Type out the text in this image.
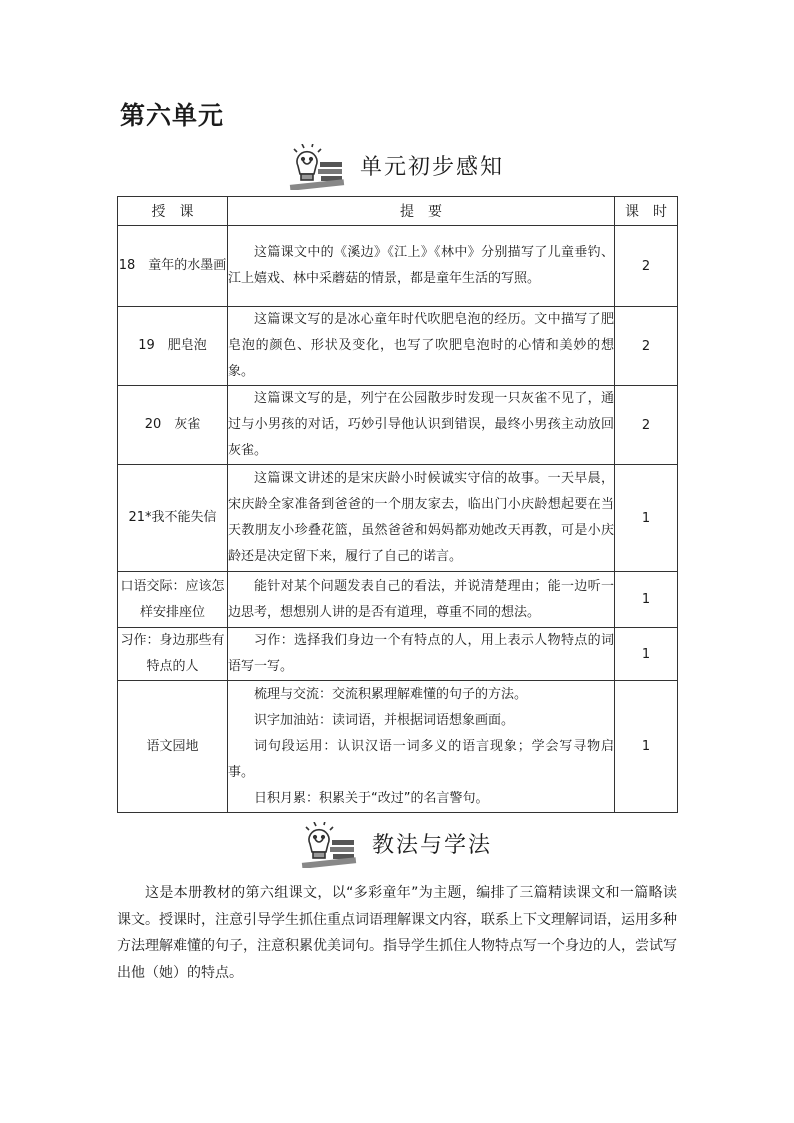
第六单元
单元初步感知
授　课	提　要	课　时
18　童年的水墨画	这篇课文中的《溪边》《江上》《林中》分别描写了儿童垂钓、江上嬉戏、林中采蘑菇的情景，都是童年生活的写照。	2
19　肥皂泡	这篇课文写的是冰心童年时代吹肥皂泡的经历。文中描写了肥皂泡的颜色、形状及变化，也写了吹肥皂泡时的心情和美妙的想象。	2
20　灰雀	这篇课文写的是，列宁在公园散步时发现一只灰雀不见了，通过与小男孩的对话，巧妙引导他认识到错误，最终小男孩主动放回灰雀。	2
21*我不能失信	这篇课文讲述的是宋庆龄小时候诚实守信的故事。一天早晨，宋庆龄全家准备到爸爸的一个朋友家去，临出门小庆龄想起要在当天教朋友小珍叠花篮，虽然爸爸和妈妈都劝她改天再教，可是小庆龄还是决定留下来，履行了自己的诺言。	1
口语交际：应该怎样安排座位	能针对某个问题发表自己的看法，并说清楚理由；能一边听一边思考，想想别人讲的是否有道理，尊重不同的想法。	1
习作：身边那些有特点的人	习作：选择我们身边一个有特点的人，用上表示人物特点的词语写一写。	1
语文园地	梳理与交流：交流积累理解难懂的句子的方法。
识字加油站：读词语，并根据词语想象画面。
词句段运用：认识汉语一词多义的语言现象；学会写寻物启事。
日积月累：积累关于“改过”的名言警句。	1
教法与学法
这是本册教材的第六组课文，以“多彩童年”为主题，编排了三篇精读课文和一篇略读课文。授课时，注意引导学生抓住重点词语理解课文内容，联系上下文理解词语，运用多种方法理解难懂的句子，注意积累优美词句。指导学生抓住人物特点写一个身边的人，尝试写出他（她）的特点。
